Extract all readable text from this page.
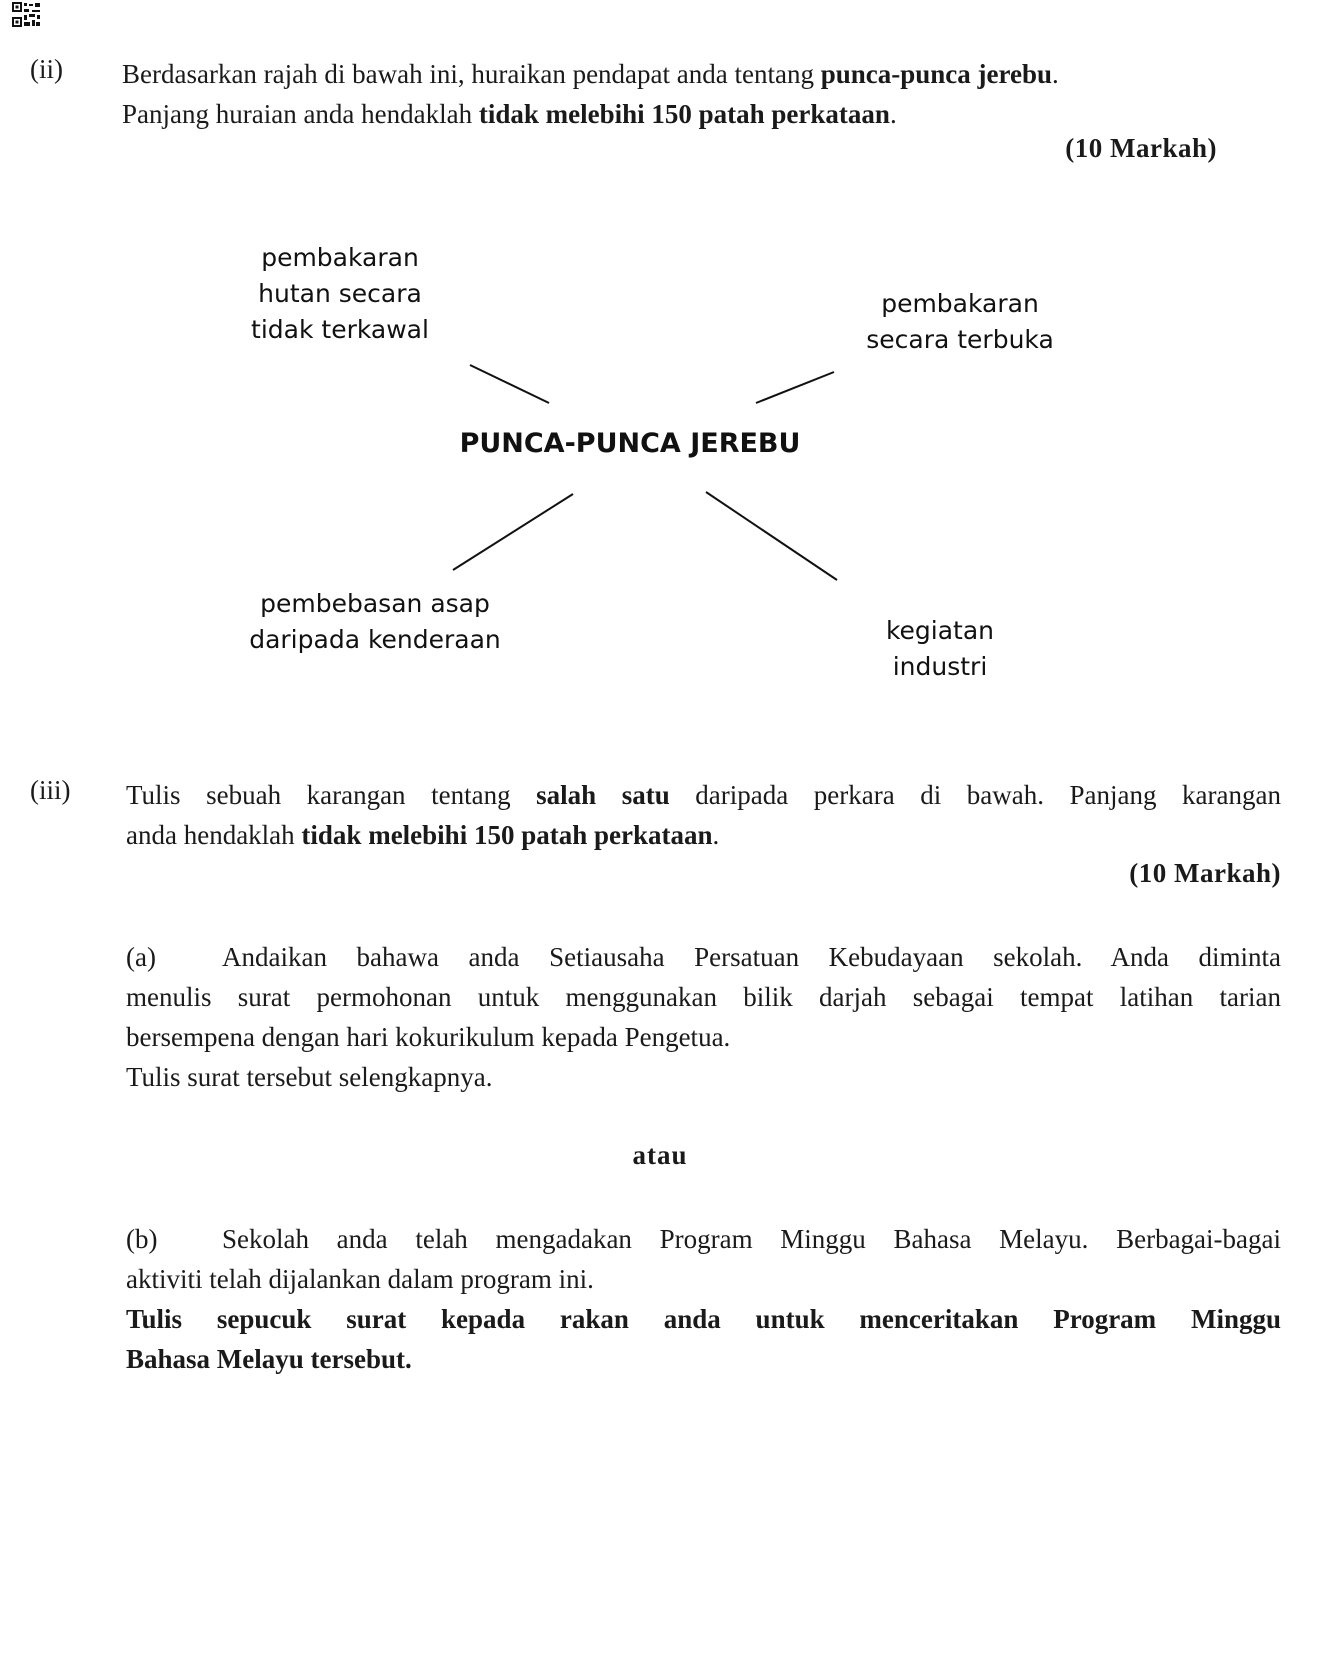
(ii) Berdasarkan rajah di bawah ini, huraikan pendapat anda tentang punca-punca jerebu.
Panjang huraian anda hendaklah tidak melebihi 150 patah perkataan.
(10 Markah)
pembakaran
hutan secara
tidak terkawal
pembakaran
secara terbuka
PUNCA-PUNCA JEREBU
pembebasan asap
daripada kenderaan	kegiatan
industri
(iii) Tulis sebuah karangan tentang salah satu daripada perkara di bawah. Panjang karangan
anda hendaklah tidak melebihi 150 patah perkataan.
(10 Markah)
(a) Andaikan bahawa anda Setiausaha Persatuan Kebudayaan sekolah. Anda diminta
menulis surat permohonan untuk menggunakan bilik darjah sebagai tempat latihan tarian
bersempena dengan hari kokurikulum kepada Pengetua.
Tulis surat tersebut selengkapnya.
atau
(b) Sekolah anda telah mengadakan Program Minggu Bahasa Melayu. Berbagai-bagai
aktiviti telah dijalankan dalam program ini.
Tulis sepucuk surat kepada rakan anda untuk menceritakan Program Minggu
Bahasa Melayu tersebut.
